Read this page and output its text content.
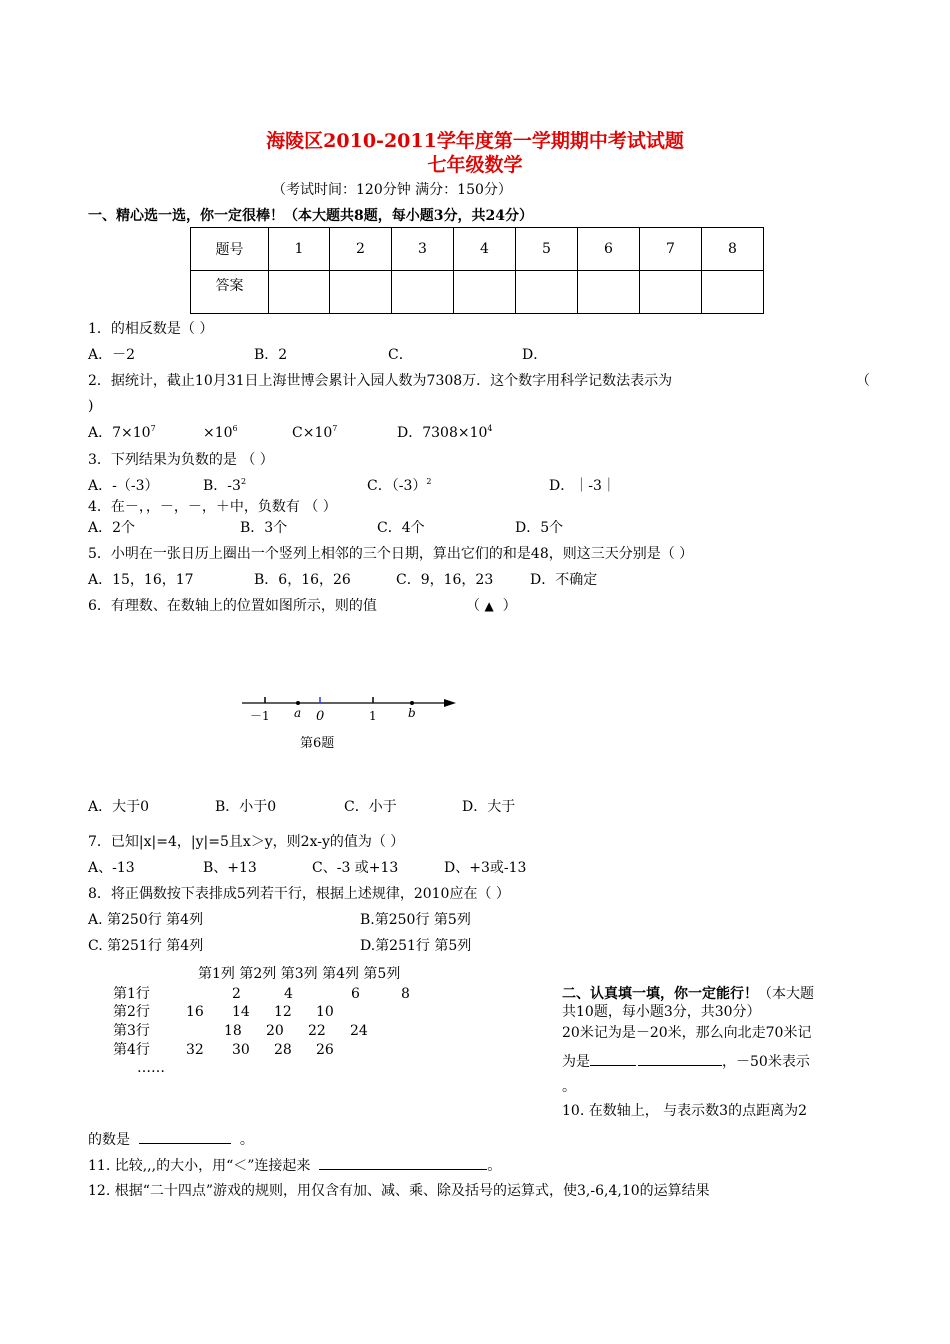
海陵区2010-2011学年度第一学期期中考试试题
七年级数学
（考试时间：120分钟 满分：150分）
一、精心选一选，你一定很棒！（本大题共8题，每小题3分，共24分）
题号	1	2	3	4	5	6	7	8
答案								
1．的相反数是（ ）
A．－2	B．2	C．	D．
2．据统计，截止10月31日上海世博会累计入园人数为7308万．这个数字用科学记数法表示为	（
)
A．$7\times 10^7$	$\times 10^6$	$C\times 10^7$	D．$7308\times 10^4$
3．下列结果为负数的是 （ ）
A．-（-3）	B．$-3^2$	C．$(-3)^2$	D．｜-3｜
4．在－，，－，－，＋中，负数有 （ ）
A．2个	B．3个	C．4个	D．5个
5．小明在一张日历上圈出一个竖列上相邻的三个日期，算出它们的和是48，则这三天分别是（ ）
A．15，16，17	B．6，16，26	C．9，16，23	D．不确定
6．有理数、在数轴上的位置如图所示，则的值	（ ▲ ）
－1 a 0	1	b
第6题
A．大于0	B．小于0	C．小于	D．大于
7．已知|x|=4，|y|=5且x＞y，则2x-y的值为（ ）
A、-13	B、+13	C、-3 或+13	D、+3或-13
8．将正偶数按下表排成5列若干行，根据上述规律，2010应在（ ）
A. 第250行 第4列	B.第250行 第5列
C. 第251行 第4列	D.第251行 第5列
第1列 第2列 第3列 第4列 第5列
第1行	2	4	6	8
第2行	16 14 12 10
第3行	18 20 22 24
第4行	32 30 28 26
……
二、认真填一填，你一定能行！（本大题
共10题，每小题3分，共30分）
20米记为是－20米，那么向北走70米记
为是	，－50米表示
。
10. 在数轴上， 与表示数3的点距离为2
的数是	。
11. 比较,,,的大小，用“＜”连接起来	。
12. 根据“二十四点”游戏的规则，用仅含有加、减、乘、除及括号的运算式，使3,-6,4,10的运算结果
